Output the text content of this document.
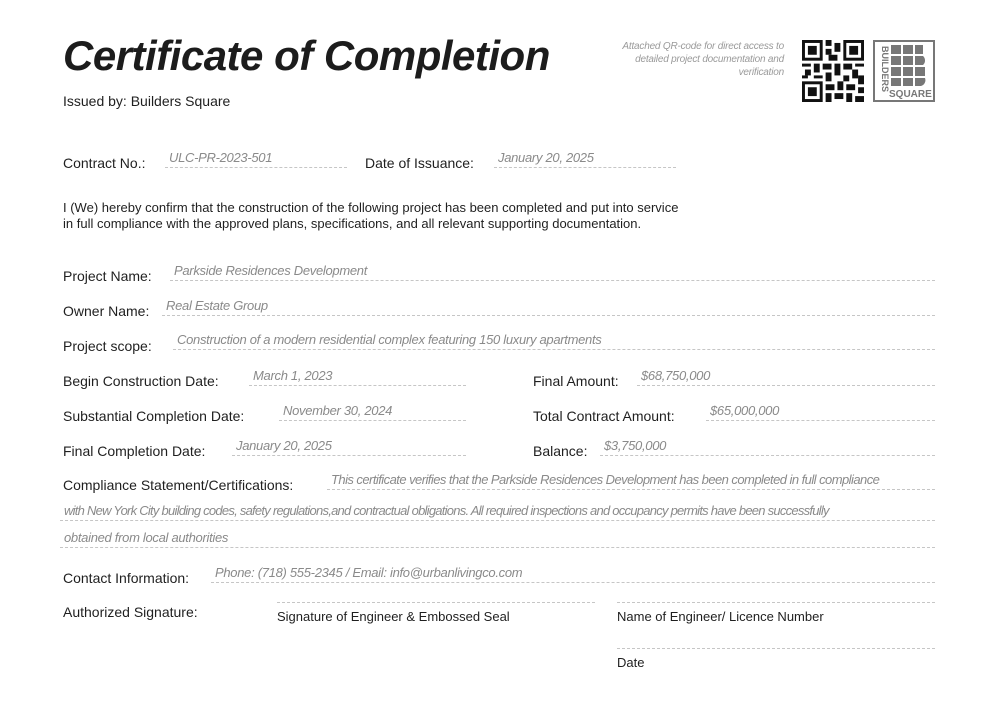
Certificate of Completion
Issued by: Builders Square
Attached QR-code for direct access to detailed project documentation and verification	BUILDERS
SQUARE
Contract No.:	ULC-PR-2023-501	Date of Issuance:	January 20, 2025
I (We) hereby confirm that the construction of the following project has been completed and put into service
in full compliance with the approved plans, specifications, and all relevant supporting documentation.
Project Name:	Parkside Residences Development
Owner Name:	Real Estate Group
Project scope:	Construction of a modern residential complex featuring 150 luxury apartments
Begin Construction Date:	March 1, 2023	Final Amount:	$68,750,000
Substantial Completion Date:	November 30, 2024	Total Contract Amount:	$65,000,000
Final Completion Date:	January 20, 2025	Balance:	$3,750,000
Compliance Statement/Certifications:	This certificate verifies that the Parkside Residences Development has been completed in full compliance
with New York City building codes, safety regulations,and contractual obligations. All required inspections and occupancy permits have been successfully
obtained from local authorities
Contact Information:	Phone: (718) 555-2345 / Email: info@urbanlivingco.com
Authorized Signature:	Signature of Engineer & Embossed Seal	Name of Engineer/ Licence Number
Date
